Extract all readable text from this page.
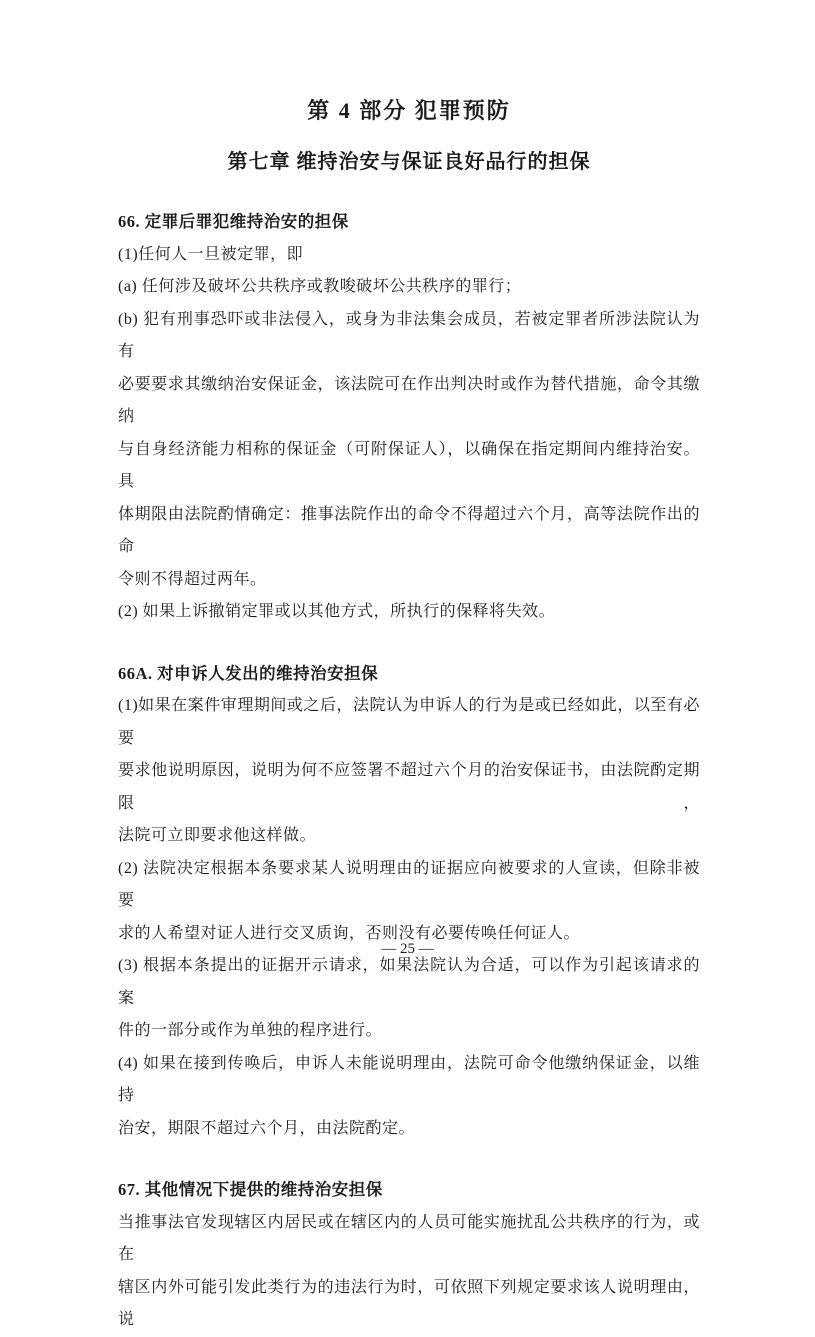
第 4 部分 犯罪预防
第七章 维持治安与保证良好品行的担保
66. 定罪后罪犯维持治安的担保
(1)任何人一旦被定罪，即
(a) 任何涉及破坏公共秩序或教唆破坏公共秩序的罪行；
(b) 犯有刑事恐吓或非法侵入，或身为非法集会成员，若被定罪者所涉法院认为有
必要要求其缴纳治安保证金，该法院可在作出判决时或作为替代措施，命令其缴纳
与自身经济能力相称的保证金（可附保证人），以确保在指定期间内维持治安。具
体期限由法院酌情确定：推事法院作出的命令不得超过六个月，高等法院作出的命
令则不得超过两年。
(2) 如果上诉撤销定罪或以其他方式，所执行的保释将失效。
66A. 对申诉人发出的维持治安担保
(1)如果在案件审理期间或之后，法院认为申诉人的行为是或已经如此，以至有必要
要求他说明原因，说明为何不应签署不超过六个月的治安保证书，由法院酌定期限，
法院可立即要求他这样做。
(2) 法院决定根据本条要求某人说明理由的证据应向被要求的人宣读，但除非被要
求的人希望对证人进行交叉质询，否则没有必要传唤任何证人。
(3) 根据本条提出的证据开示请求，如果法院认为合适，可以作为引起该请求的案
件的一部分或作为单独的程序进行。
(4) 如果在接到传唤后，申诉人未能说明理由，法院可命令他缴纳保证金，以维持
治安，期限不超过六个月，由法院酌定。
67. 其他情况下提供的维持治安担保
当推事法官发现辖区内居民或在辖区内的人员可能实施扰乱公共秩序的行为，或在
辖区内外可能引发此类行为的违法行为时，可依照下列规定要求该人说明理由，说
— 25 —
